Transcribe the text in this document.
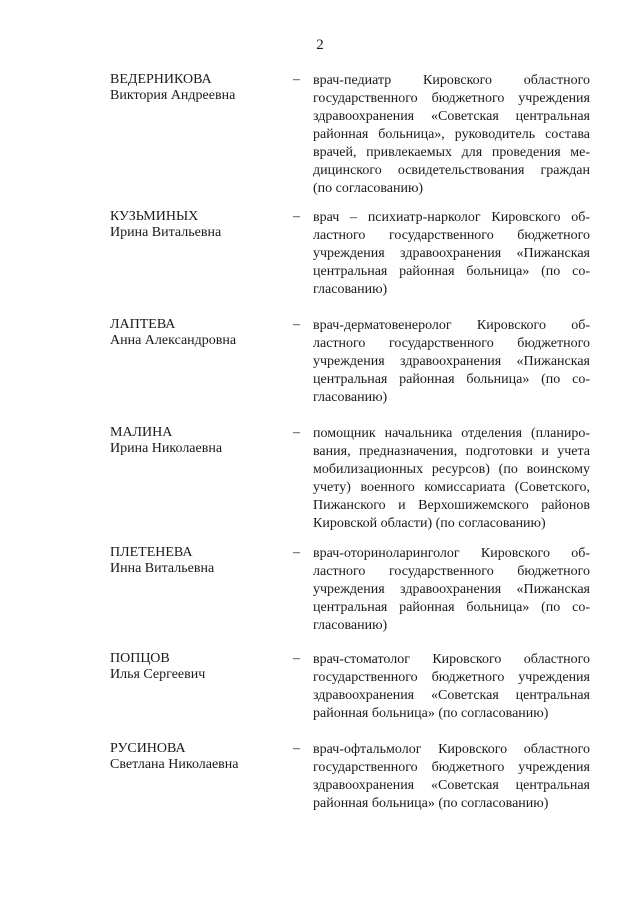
2
ВЕДЕРНИКОВА
Виктория Андреевна
– врач-педиатр Кировского областного
государственного бюджетного учреждения
здравоохранения «Советская центральная
районная больница», руководитель состава
врачей, привлекаемых для проведения ме-
дицинского освидетельствования граждан
(по согласованию)
КУЗЬМИНЫХ
Ирина Витальевна
– врач – психиатр-нарколог Кировского об-
ластного государственного бюджетного
учреждения здравоохранения «Пижанская
центральная районная больница» (по со-
гласованию)
ЛАПТЕВА
Анна Александровна
– врач-дерматовенеролог Кировского об-
ластного государственного бюджетного
учреждения здравоохранения «Пижанская
центральная районная больница» (по со-
гласованию)
МАЛИНА
Ирина Николаевна
– помощник начальника отделения (планиро-
вания, предназначения, подготовки и учета
мобилизационных ресурсов) (по воинскому
учету) военного комиссариата (Советского,
Пижанского и Верхошижемского районов
Кировской области) (по согласованию)
ПЛЕТЕНЕВА
Инна Витальевна
– врач-оториноларинголог Кировского об-
ластного государственного бюджетного
учреждения здравоохранения «Пижанская
центральная районная больница» (по со-
гласованию)
ПОПЦОВ
Илья Сергеевич
– врач-стоматолог Кировского областного
государственного бюджетного учреждения
здравоохранения «Советская центральная
районная больница» (по согласованию)
РУСИНОВА
Светлана Николаевна
– врач-офтальмолог Кировского областного
государственного бюджетного учреждения
здравоохранения «Советская центральная
районная больница» (по согласованию)
